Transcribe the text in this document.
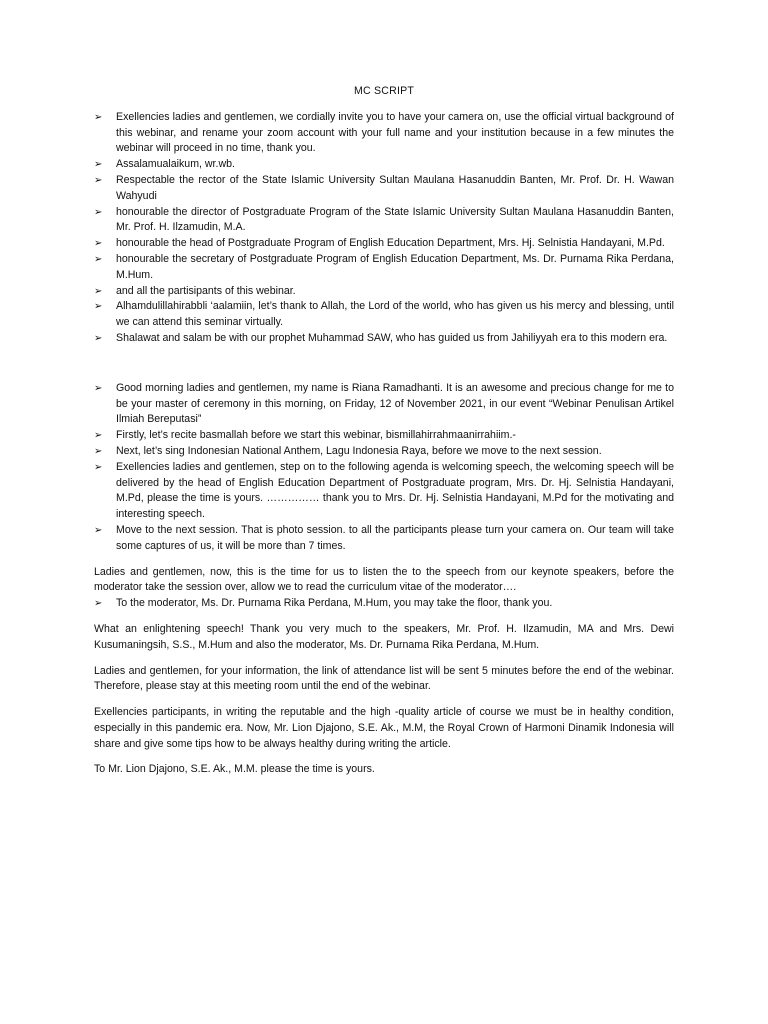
MC SCRIPT
➢ Exellencies ladies and gentlemen, we cordially invite you to have your camera on, use the official virtual background of this webinar, and rename your zoom account with your full name and your institution because in a few minutes the webinar will proceed in no time, thank you.
➢ Assalamualaikum, wr.wb.
➢ Respectable the rector of the State Islamic University Sultan Maulana Hasanuddin Banten, Mr. Prof. Dr. H. Wawan Wahyudi
➢ honourable the director of Postgraduate Program of the State Islamic University Sultan Maulana Hasanuddin Banten, Mr. Prof. H. Ilzamudin, M.A.
➢ honourable the head of Postgraduate Program of English Education Department, Mrs. Hj. Selnistia Handayani, M.Pd.
➢ honourable the secretary of Postgraduate Program of English Education Department, Ms. Dr. Purnama Rika Perdana, M.Hum.
➢ and all the partisipants of this webinar.
➢ Alhamdulillahirabbli ‘aalamiin, let’s thank to Allah, the Lord of the world, who has given us his mercy and blessing, until we can attend this seminar virtually.
➢ Shalawat and salam be with our prophet Muhammad SAW, who has guided us from Jahiliyyah era to this modern era.
➢ Good morning ladies and gentlemen, my name is Riana Ramadhanti. It is an awesome and precious change for me to be your master of ceremony in this morning, on Friday, 12 of November 2021, in our event “Webinar Penulisan Artikel Ilmiah Bereputasi”
➢ Firstly, let’s recite basmallah before we start this webinar, bismillahirrahmaanirrahiim.-
➢ Next, let’s sing Indonesian National Anthem, Lagu Indonesia Raya, before we move to the next session.
➢ Exellencies ladies and gentlemen, step on to the following agenda is welcoming speech, the welcoming speech will be delivered by the head of English Education Department of Postgraduate program, Mrs. Dr. Hj. Selnistia Handayani, M.Pd, please the time is yours. …………… thank you to Mrs. Dr. Hj. Selnistia Handayani, M.Pd for the motivating and interesting speech.
➢ Move to the next session. That is photo session. to all the participants please turn your camera on. Our team will take some captures of us, it will be more than 7 times.

Ladies and gentlemen, now, this is the time for us to listen the to the speech from our keynote speakers, before the moderator take the session over, allow we to read the curriculum vitae of the moderator….

➢ To the moderator, Ms. Dr. Purnama Rika Perdana, M.Hum, you may take the floor, thank you.

What an enlightening speech! Thank you very much to the speakers, Mr. Prof. H. Ilzamudin, MA and Mrs. Dewi Kusumaningsih, S.S., M.Hum and also the moderator, Ms. Dr. Purnama Rika Perdana, M.Hum.

Ladies and gentlemen, for your information, the link of attendance list will be sent 5 minutes before the end of the webinar. Therefore, please stay at this meeting room until the end of the webinar.

Exellencies participants, in writing the reputable and the high -quality article of course we must be in healthy condition, especially in this pandemic era. Now, Mr. Lion Djajono, S.E. Ak., M.M, the Royal Crown of Harmoni Dinamik Indonesia will share and give some tips how to be always healthy during writing the article.

To Mr. Lion Djajono, S.E. Ak., M.M. please the time is yours.
